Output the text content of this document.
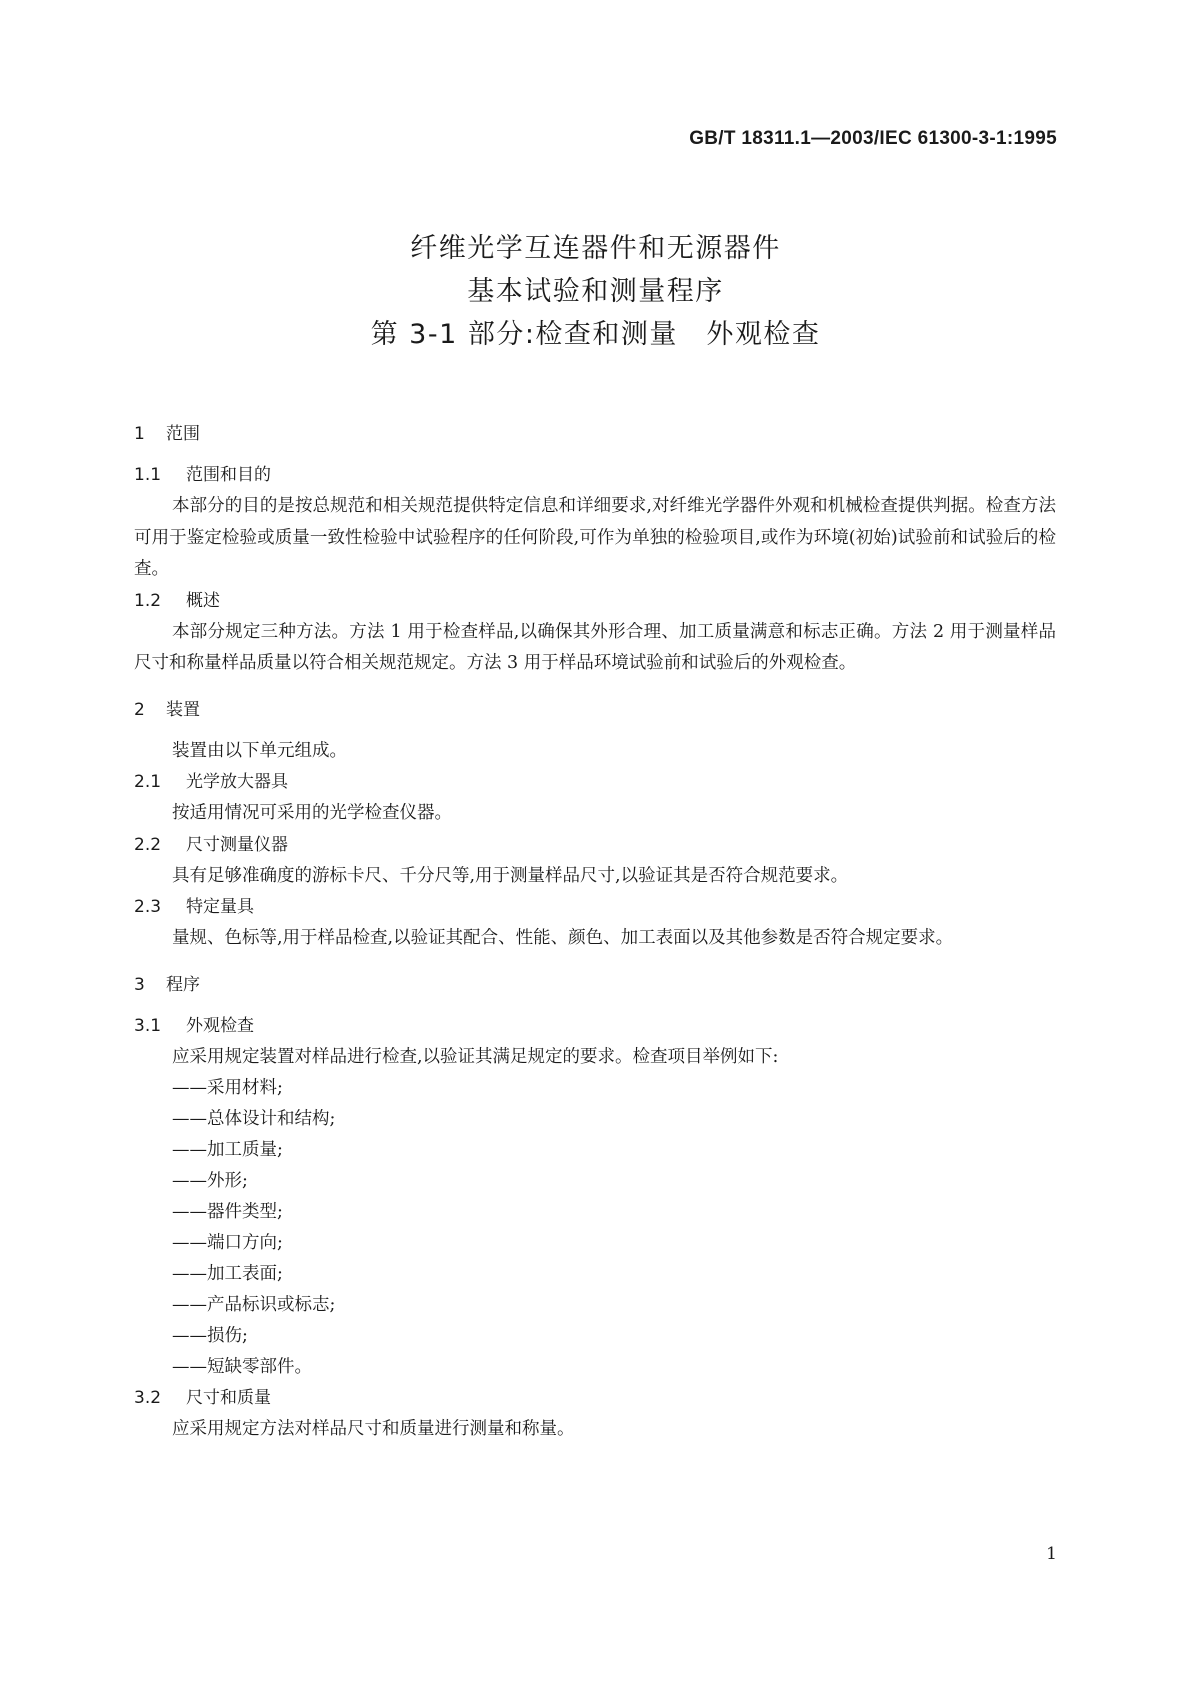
GB/T 18311.1—2003/IEC 61300-3-1:1995
纤维光学互连器件和无源器件
基本试验和测量程序
第 3-1 部分:检查和测量　外观检查
1 范围
1.1 范围和目的

本部分的目的是按总规范和相关规范提供特定信息和详细要求,对纤维光学器件外观和机械检查提供判据。检查方法可用于鉴定检验或质量一致性检验中试验程序的任何阶段,可作为单独的检验项目,或作为环境(初始)试验前和试验后的检查。

1.2 概述

本部分规定三种方法。方法 1 用于检查样品,以确保其外形合理、加工质量满意和标志正确。方法 2 用于测量样品尺寸和称量样品质量以符合相关规范规定。方法 3 用于样品环境试验前和试验后的外观检查。

2 装置

装置由以下单元组成。

2.1 光学放大器具

按适用情况可采用的光学检查仪器。

2.2 尺寸测量仪器

具有足够准确度的游标卡尺、千分尺等,用于测量样品尺寸,以验证其是否符合规范要求。

2.3 特定量具

量规、色标等,用于样品检查,以验证其配合、性能、颜色、加工表面以及其他参数是否符合规定要求。

3 程序
3.1 外观检查

应采用规定装置对样品进行检查,以验证其满足规定的要求。检查项目举例如下:

——采用材料;
——总体设计和结构;
——加工质量;
——外形;
——器件类型;
——端口方向;
——加工表面;
——产品标识或标志;
——损伤;
——短缺零部件。
3.2 尺寸和质量

应采用规定方法对样品尺寸和质量进行测量和称量。

1
